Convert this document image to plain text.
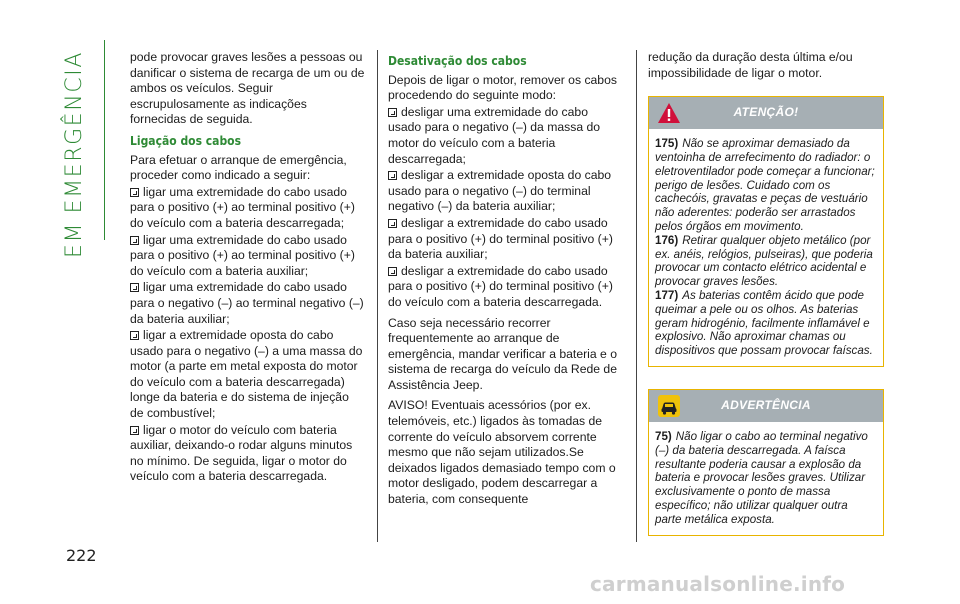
EM EMERGÊNCIA
222

pode provocar graves lesões a pessoas ou danificar o sistema de recarga de um ou de ambos os veículos. Seguir escrupulosamente as indicações fornecidas de seguida.

Ligação dos cabos

Para efetuar o arranque de emergência, proceder como indicado a seguir:

ligar uma extremidade do cabo usado para o positivo (+) ao terminal positivo (+) do veículo com a bateria descarregada;
ligar uma extremidade do cabo usado para o positivo (+) ao terminal positivo (+) do veículo com a bateria auxiliar;
ligar uma extremidade do cabo usado para o negativo (–) ao terminal negativo (–) da bateria auxiliar;
ligar a extremidade oposta do cabo usado para o negativo (–) a uma massa do motor (a parte em metal exposta do motor do veículo com a bateria descarregada) longe da bateria e do sistema de injeção de combustível;
ligar o motor do veículo com bateria auxiliar, deixando-o rodar alguns minutos no mínimo. De seguida, ligar o motor do veículo com a bateria descarregada.
Desativação dos cabos

Depois de ligar o motor, remover os cabos procedendo do seguinte modo:

desligar uma extremidade do cabo usado para o negativo (–) da massa do motor do veículo com a bateria descarregada;
desligar a extremidade oposta do cabo usado para o negativo (–) do terminal negativo (–) da bateria auxiliar;
desligar a extremidade do cabo usado para o positivo (+) do terminal positivo (+) da bateria auxiliar;
desligar a extremidade do cabo usado para o positivo (+) do terminal positivo (+) do veículo com a bateria descarregada.

Caso seja necessário recorrer frequentemente ao arranque de emergência, mandar verificar a bateria e o sistema de recarga do veículo da Rede de Assistência Jeep.

AVISO! Eventuais acessórios (por ex. telemóveis, etc.) ligados às tomadas de corrente do veículo absorvem corrente mesmo que não sejam utilizados.Se deixados ligados demasiado tempo com o motor desligado, podem descarregar a bateria, com consequente

redução da duração desta última e/ou impossibilidade de ligar o motor.

ATENÇÃO!

175) Não se aproximar demasiado da ventoinha de arrefecimento do radiador: o eletroventilador pode começar a funcionar; perigo de lesões. Cuidado com os cachecóis, gravatas e peças de vestuário não aderentes: poderão ser arrastados pelos órgãos em movimento.

176) Retirar qualquer objeto metálico (por ex. anéis, relógios, pulseiras), que poderia provocar um contacto elétrico acidental e provocar graves lesões.

177) As baterias contêm ácido que pode queimar a pele ou os olhos. As baterias geram hidrogénio, facilmente inflamável e explosivo. Não aproximar chamas ou dispositivos que possam provocar faíscas.

ADVERTÊNCIA

75) Não ligar o cabo ao terminal negativo (–) da bateria descarregada. A faísca resultante poderia causar a explosão da bateria e provocar lesões graves. Utilizar exclusivamente o ponto de massa específico; não utilizar qualquer outra parte metálica exposta.

carmanualsonline.info
